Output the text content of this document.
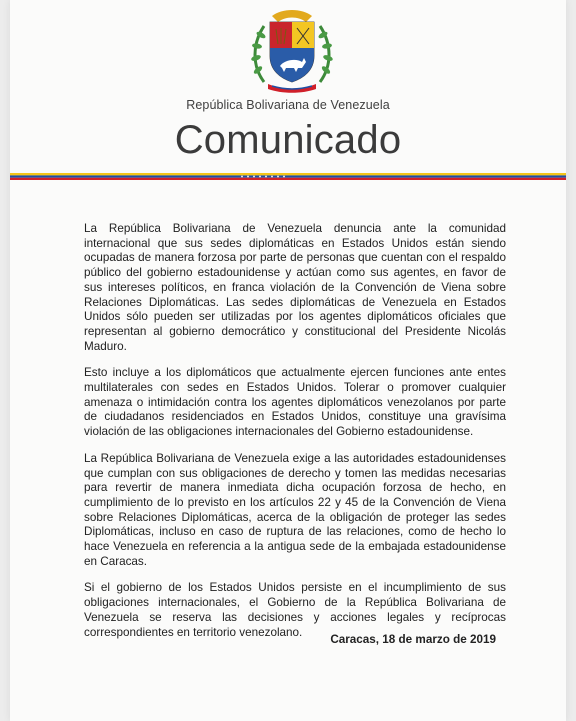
República Bolivariana de Venezuela
Comunicado

La República Bolivariana de Venezuela denuncia ante la comunidad internacional que sus sedes diplomáticas en Estados Unidos están siendo ocupadas de manera forzosa por parte de personas que cuentan con el respaldo público del gobierno estadounidense y actúan como sus agentes, en favor de sus intereses políticos, en franca violación de la Convención de Viena sobre Relaciones Diplomáticas. Las sedes diplomáticas de Venezuela en Estados Unidos sólo pueden ser utilizadas por los agentes diplomáticos oficiales que representan al gobierno democrático y constitucional del Presidente Nicolás Maduro.

Esto incluye a los diplomáticos que actualmente ejercen funciones ante entes multilaterales con sedes en Estados Unidos. Tolerar o promover cualquier amenaza o intimidación contra los agentes diplomáticos venezolanos por parte de ciudadanos residenciados en Estados Unidos, constituye una gravísima violación de las obligaciones internacionales del Gobierno estadounidense.

La República Bolivariana de Venezuela exige a las autoridades estadounidenses que cumplan con sus obligaciones de derecho y tomen las medidas necesarias para revertir de manera inmediata dicha ocupación forzosa de hecho, en cumplimiento de lo previsto en los artículos 22 y 45 de la Convención de Viena sobre Relaciones Diplomáticas, acerca de la obligación de proteger las sedes Diplomáticas, incluso en caso de ruptura de las relaciones, como de hecho lo hace Venezuela en referencia a la antigua sede de la embajada estadounidense en Caracas.

Si el gobierno de los Estados Unidos persiste en el incumplimiento de sus obligaciones internacionales, el Gobierno de la República Bolivariana de Venezuela se reserva las decisiones y acciones legales y recíprocas correspondientes en territorio venezolano.

Caracas, 18 de marzo de 2019
